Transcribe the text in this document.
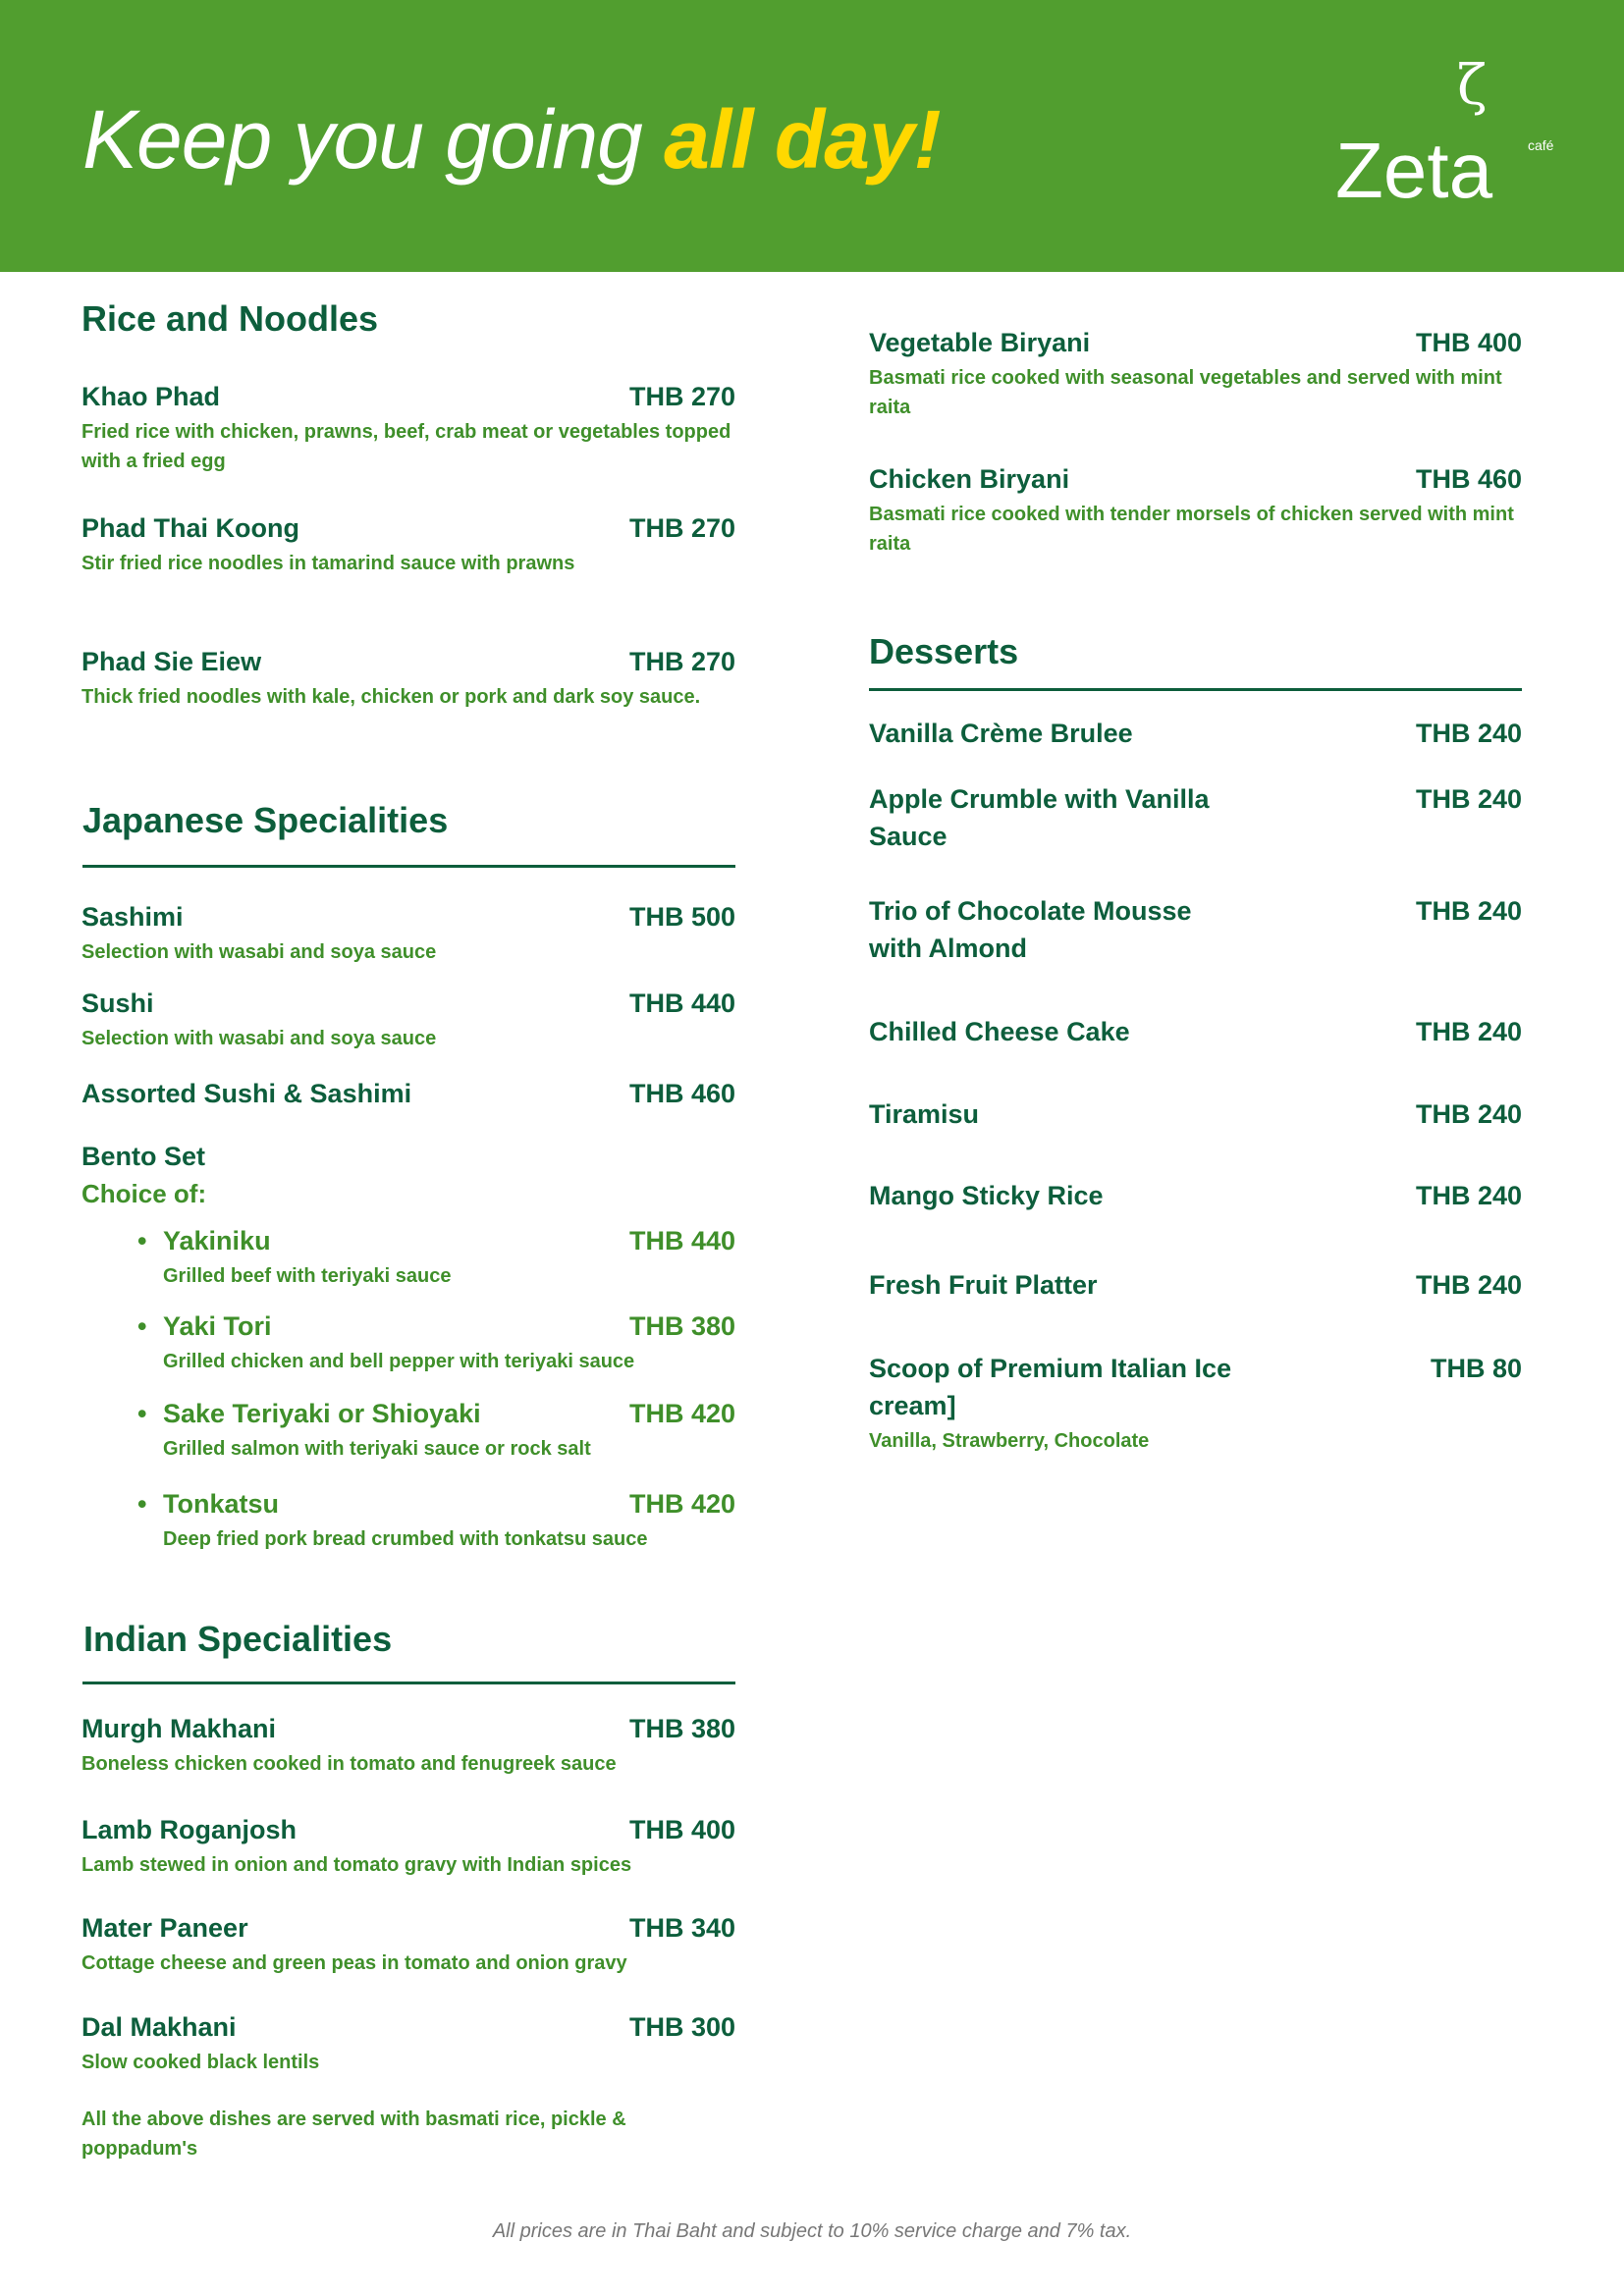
Keep you going all day!
ζ
Zeta	café
Rice and Noodles
Japanese Specialities
Choice of:
Indian Specialities
All the above dishes are served with basmati rice, pickle & poppadum's
Desserts
Khao Phad	THB 270
Fried rice with chicken, prawns, beef, crab meat or vegetables topped with a fried egg
Phad Thai Koong	THB 270
Stir fried rice noodles in tamarind sauce with prawns
Phad Sie Eiew	THB 270
Thick fried noodles with kale, chicken or pork and dark soy sauce.
Sashimi	THB 500
Selection with wasabi and soya sauce
Sushi	THB 440
Selection with wasabi and soya sauce
Assorted Sushi & Sashimi	THB 460
Bento Set
• Yakiniku	THB 440
Grilled beef with teriyaki sauce
• Yaki Tori	THB 380
Grilled chicken and bell pepper with teriyaki sauce
• Sake Teriyaki or Shioyaki	THB 420
Grilled salmon with teriyaki sauce or rock salt
• Tonkatsu	THB 420
Deep fried pork bread crumbed with tonkatsu sauce
Murgh Makhani	THB 380
Boneless chicken cooked in tomato and fenugreek sauce
Lamb Roganjosh	THB 400
Lamb stewed in onion and tomato gravy with Indian spices
Mater Paneer	THB 340
Cottage cheese and green peas in tomato and onion gravy
Dal Makhani	THB 300
Slow cooked black lentils
Vegetable Biryani	THB 400
Basmati rice cooked with seasonal vegetables and served with mint raita
Chicken Biryani	THB 460
Basmati rice cooked with tender morsels of chicken served with mint raita
Vanilla Crème Brulee	THB 240
Apple Crumble with Vanilla Sauce
THB 240
Trio of Chocolate Mousse with Almond
THB 240
Chilled Cheese Cake	THB 240
Tiramisu	THB 240
Mango Sticky Rice	THB 240
Fresh Fruit Platter	THB 240
Scoop of Premium Italian Ice cream]
THB 80
Vanilla, Strawberry, Chocolate
All prices are in Thai Baht and subject to 10% service charge and 7% tax.
